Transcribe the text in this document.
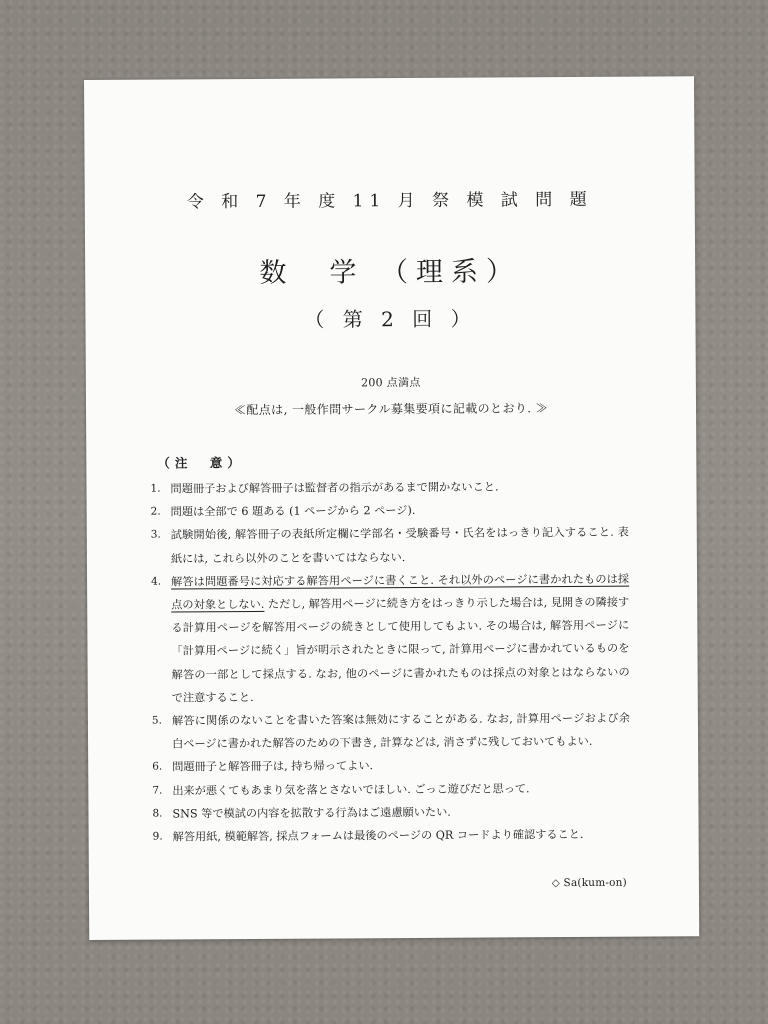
令 和 7 年 度 11 月 祭 模 試 問 題
数　学 （理系）
（ 第 2 回 ）
200 点満点
≪配点は, 一般作問サークル募集要項に記載のとおり. ≫
（注　意）
1. 問題冊子および解答冊子は監督者の指示があるまで開かないこと.
2. 問題は全部で 6 題ある (1 ページから 2 ページ).
3. 試験開始後, 解答冊子の表紙所定欄に学部名・受験番号・氏名をはっきり記入すること. 表紙には, これら以外のことを書いてはならない.
4. 解答は問題番号に対応する解答用ページに書くこと. それ以外のページに書かれたものは採点の対象としない. ただし, 解答用ページに続き方をはっきり示した場合は, 見開きの隣接する計算用ページを解答用ページの続きとして使用してもよい. その場合は, 解答用ページに「計算用ページに続く」旨が明示されたときに限って, 計算用ページに書かれているものを解答の一部として採点する. なお, 他のページに書かれたものは採点の対象とはならないので注意すること.
5. 解答に関係のないことを書いた答案は無効にすることがある. なお, 計算用ページおよび余白ページに書かれた解答のための下書き, 計算などは, 消さずに残しておいてもよい.
6. 問題冊子と解答冊子は, 持ち帰ってよい.
7. 出来が悪くてもあまり気を落とさないでほしい. ごっこ遊びだと思って.
8. SNS 等で模試の内容を拡散する行為はご遠慮願いたい.
9. 解答用紙, 模範解答, 採点フォームは最後のページの QR コードより確認すること.
◇ Sa(kum-on)
